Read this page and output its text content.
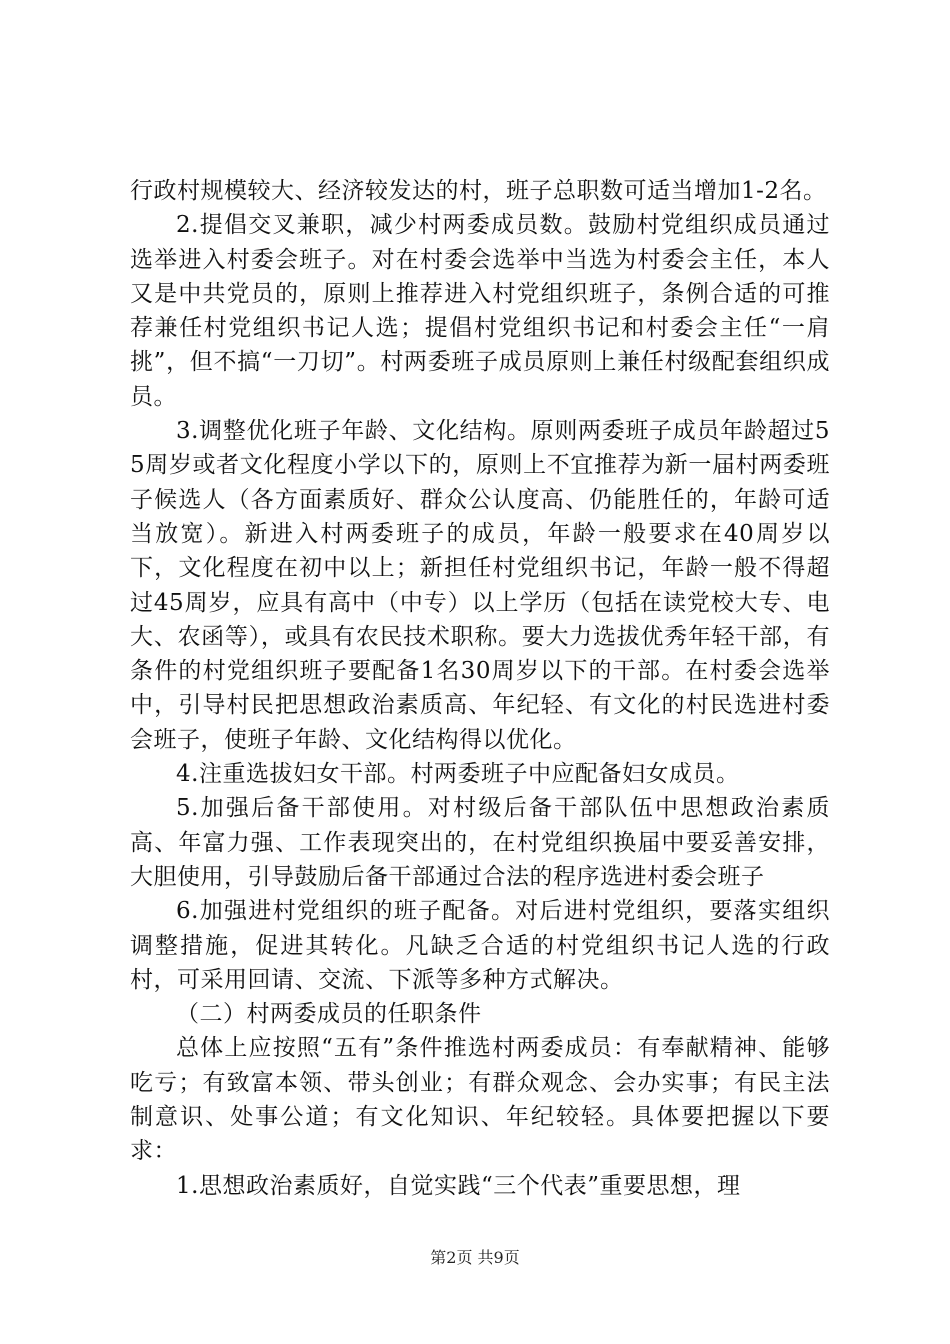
行政村规模较大、经济较发达的村，班子总职数可适当增加1-2名。

2.提倡交叉兼职，减少村两委成员数。鼓励村党组织成员通过选举进入村委会班子。对在村委会选举中当选为村委会主任，本人又是中共党员的，原则上推荐进入村党组织班子，条例合适的可推荐兼任村党组织书记人选；提倡村党组织书记和村委会主任“一肩挑”，但不搞“一刀切”。村两委班子成员原则上兼任村级配套组织成员。

3.调整优化班子年龄、文化结构。原则两委班子成员年龄超过55周岁或者文化程度小学以下的，原则上不宜推荐为新一届村两委班子候选人（各方面素质好、群众公认度高、仍能胜任的，年龄可适当放宽）。新进入村两委班子的成员，年龄一般要求在40周岁以下，文化程度在初中以上；新担任村党组织书记，年龄一般不得超过45周岁，应具有高中（中专）以上学历（包括在读党校大专、电大、农函等），或具有农民技术职称。要大力选拔优秀年轻干部，有条件的村党组织班子要配备1名30周岁以下的干部。在村委会选举中，引导村民把思想政治素质高、年纪轻、有文化的村民选进村委会班子，使班子年龄、文化结构得以优化。

4.注重选拔妇女干部。村两委班子中应配备妇女成员。

5.加强后备干部使用。对村级后备干部队伍中思想政治素质高、年富力强、工作表现突出的，在村党组织换届中要妥善安排，大胆使用，引导鼓励后备干部通过合法的程序选进村委会班子

6.加强进村党组织的班子配备。对后进村党组织，要落实组织调整措施，促进其转化。凡缺乏合适的村党组织书记人选的行政村，可采用回请、交流、下派等多种方式解决。

（二）村两委成员的任职条件

总体上应按照“五有”条件推选村两委成员：有奉献精神、能够吃亏；有致富本领、带头创业；有群众观念、会办实事；有民主法制意识、处事公道；有文化知识、年纪较轻。具体要把握以下要求：

1.思想政治素质好，自觉实践“三个代表”重要思想，理

第2页 共9页
